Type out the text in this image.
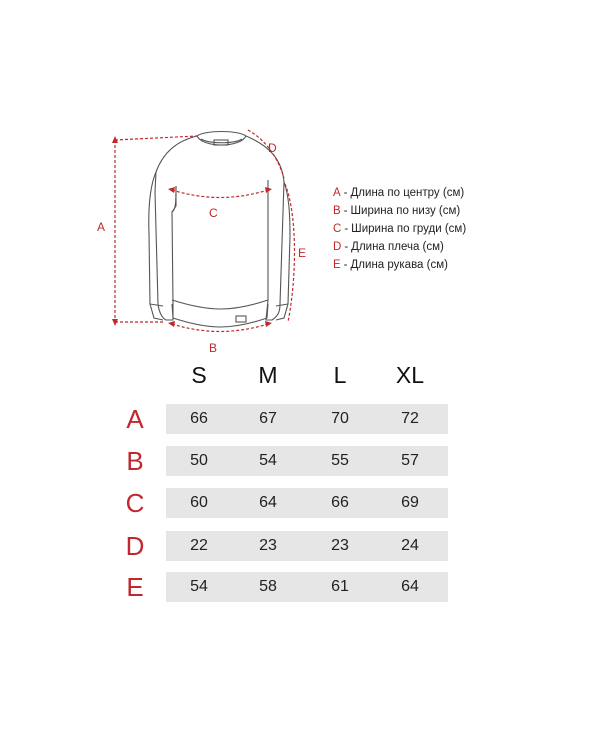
A
B
C
D
E
A - Длина по центру (см)
B - Ширина по низу (см)
C - Ширина по груди (см)
D - Длина плеча (см)
E - Длина рукава (см)
S	M	L	XL
A	66	67	70	72
B	50	54	55	57
C	60	64	66	69
D	22	23	23	24
E	54	58	61	64
